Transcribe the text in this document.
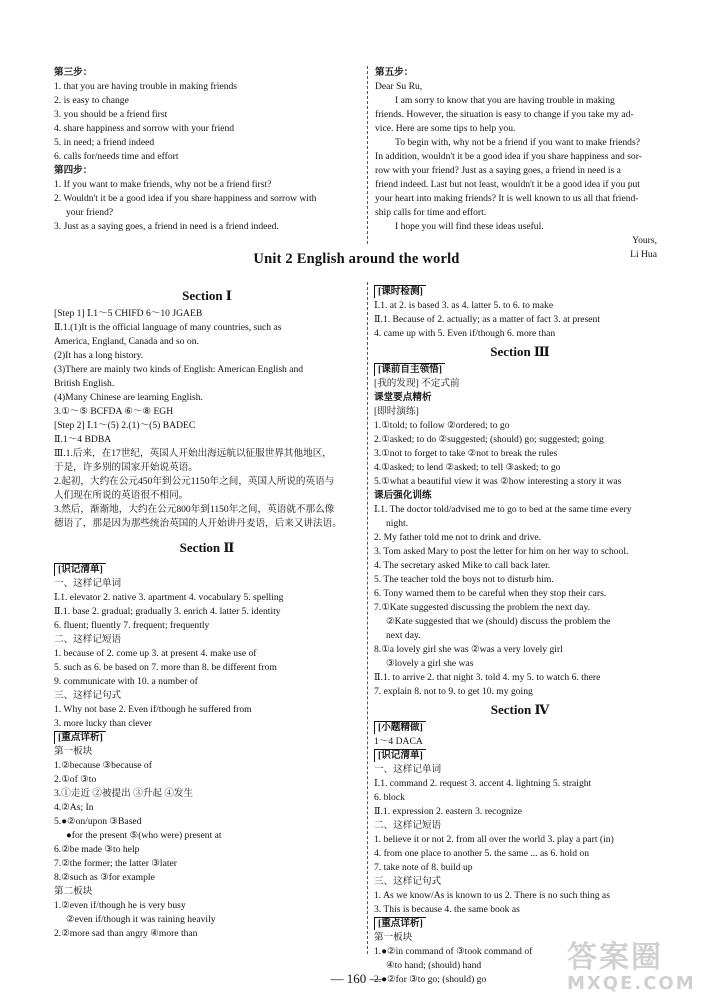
第三步：
1. that you are having trouble in making friends
2. is easy to change
3. you should be a friend first
4. share happiness and sorrow with your friend
5. in need; a friend indeed
6. calls for/needs time and effort
第四步：
1. If you want to make friends, why not be a friend first?
2. Wouldn't it be a good idea if you share happiness and sorrow with
your friend?
3. Just as a saying goes, a friend in need is a friend indeed.
第五步：
Dear Su Ru,
I am sorry to know that you are having trouble in making
friends. However, the situation is easy to change if you take my ad-
vice. Here are some tips to help you.
To begin with, why not be a friend if you want to make friends?
In addition, wouldn't it be a good idea if you share happiness and sor-
row with your friend? Just as a saying goes, a friend in need is a
friend indeed. Last but not least, wouldn't it be a good idea if you put
your heart into making friends? It is well known to us all that friend-
ship calls for time and effort.
I hope you will find these ideas useful.
Yours,
Li Hua
Unit 2 English around the world
Section Ⅰ
[Step 1] Ⅰ.1～5 CHIFD 6～10 JGAEB
Ⅱ.1.(1)It is the official language of many countries, such as
America, England, Canada and so on.
(2)It has a long history.
(3)There are mainly two kinds of English: American English and
British English.
(4)Many Chinese are learning English.
3.①～⑤ BCFDA ⑥～⑧ EGH
[Step 2] Ⅰ.1～(5) 2.(1)～(5) BADEC
Ⅱ.1～4 BDBA
Ⅲ.1.后来，在17世纪，英国人开始出海远航以征服世界其他地区，
于是，许多别的国家开始说英语。
2.起初，大约在公元450年到公元1150年之间，英国人所说的英语与
人们现在所说的英语很不相同。
3.然后，渐渐地，大约在公元800年到1150年之间，英语就不那么像
德语了，那是因为那些统治英国的人开始讲丹麦语，后来又讲法语。
Section Ⅱ
[识记清单]
一、这样记单词
Ⅰ.1. elevator 2. native 3. apartment 4. vocabulary 5. spelling
Ⅱ.1. base 2. gradual; gradually 3. enrich 4. latter 5. identity
6. fluent; fluently 7. frequent; frequently
二、这样记短语
1. because of 2. come up 3. at present 4. make use of
5. such as 6. be based on 7. more than 8. be different from
9. communicate with 10. a number of
三、这样记句式
1. Why not base 2. Even if/though he suffered from
3. more lucky than clever
[重点详析]
第一板块
1.②because ③because of
2.①of ③to
3.①走近 ②被提出 ③升起 ④发生
4.②As; In
5.●②on/upon ③Based
●for the present ⑤(who were) present at
6.②be made ③to help
7.②the former; the latter ③later
8.②such as ③for example
第二板块
1.②even if/though he is very busy
②even if/though it was raining heavily
2.②more sad than angry ④more than
[课时检测]
Ⅰ.1. at 2. is based 3. as 4. latter 5. to 6. to make
Ⅱ.1. Because of 2. actually; as a matter of fact 3. at present
4. came up with 5. Even if/though 6. more than
Section Ⅲ
[课前自主领悟]
[我的发现] 不定式前
课堂要点精析
[即时演练]
1.①told; to follow ②ordered; to go
2.①asked; to do ②suggested; (should) go; suggested; going
3.①not to forget to take ②not to break the rules
4.①asked; to lend ②asked; to tell ③asked; to go
5.①what a beautiful view it was ②how interesting a story it was
课后强化训练
Ⅰ.1. The doctor told/advised me to go to bed at the same time every
night.
2. My father told me not to drink and drive.
3. Tom asked Mary to post the letter for him on her way to school.
4. The secretary asked Mike to call back later.
5. The teacher told the boys not to disturb him.
6. Tony warned them to be careful when they stop their cars.
7.①Kate suggested discussing the problem the next day.
②Kate suggested that we (should) discuss the problem the
next day.
8.①a lovely girl she was ②was a very lovely girl
③lovely a girl she was
Ⅱ.1. to arrive 2. that night 3. told 4. my 5. to watch 6. there
7. explain 8. not to 9. to get 10. my going
Section Ⅳ
[小题精做]
1～4 DACA
[识记清单]
一、这样记单词
Ⅰ.1. command 2. request 3. accent 4. lightning 5. straight
6. block
Ⅱ.1. expression 2. eastern 3. recognize
二、这样记短语
1. believe it or not 2. from all over the world 3. play a part (in)
4. from one place to another 5. the same ... as 6. hold on
7. take note of 8. build up
三、这样记句式
1. As we know/As is known to us 2. There is no such thing as
3. This is because 4. the same book as
[重点详析]
第一板块
1.●②in command of ③took command of
④to hand; (should) hand
2.●②for ③to go; (should) go
— 160 —
答案圈
MXQE.COM
